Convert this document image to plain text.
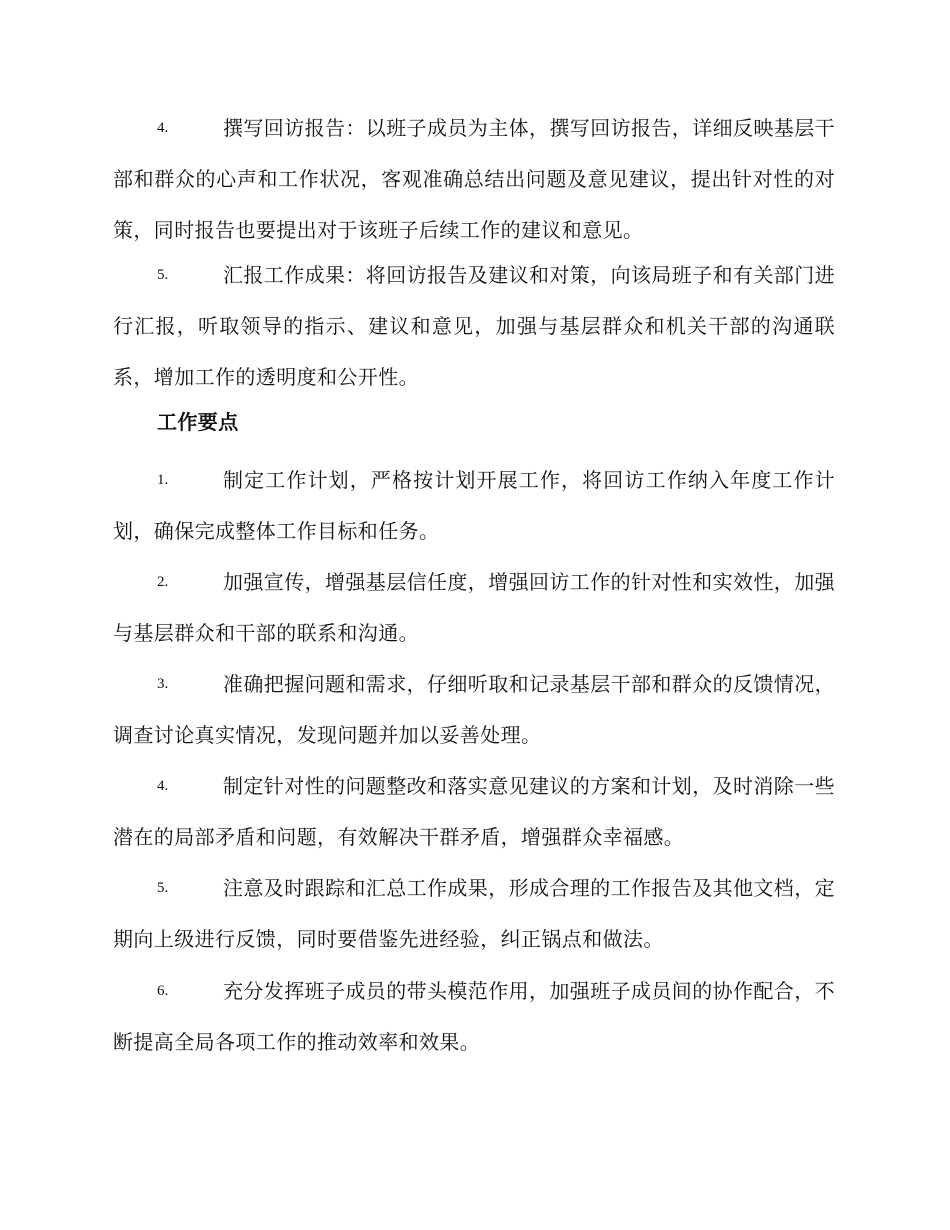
4.	撰写回访报告：以班子成员为主体，撰写回访报告，详细反映基层干部和群众的心声和工作状况，客观准确总结出问题及意见建议，提出针对性的对策，同时报告也要提出对于该班子后续工作的建议和意见。

5.	汇报工作成果：将回访报告及建议和对策，向该局班子和有关部门进行汇报，听取领导的指示、建议和意见，加强与基层群众和机关干部的沟通联系，增加工作的透明度和公开性。

工作要点
1.	制定工作计划，严格按计划开展工作，将回访工作纳入年度工作计划，确保完成整体工作目标和任务。

2.	加强宣传，增强基层信任度，增强回访工作的针对性和实效性，加强与基层群众和干部的联系和沟通。

3.	准确把握问题和需求，仔细听取和记录基层干部和群众的反馈情况，调查讨论真实情况，发现问题并加以妥善处理。

4.	制定针对性的问题整改和落实意见建议的方案和计划，及时消除一些潜在的局部矛盾和问题，有效解决干群矛盾，增强群众幸福感。

5.	注意及时跟踪和汇总工作成果，形成合理的工作报告及其他文档，定期向上级进行反馈，同时要借鉴先进经验，纠正锅点和做法。

6.	充分发挥班子成员的带头模范作用，加强班子成员间的协作配合，不断提高全局各项工作的推动效率和效果。
